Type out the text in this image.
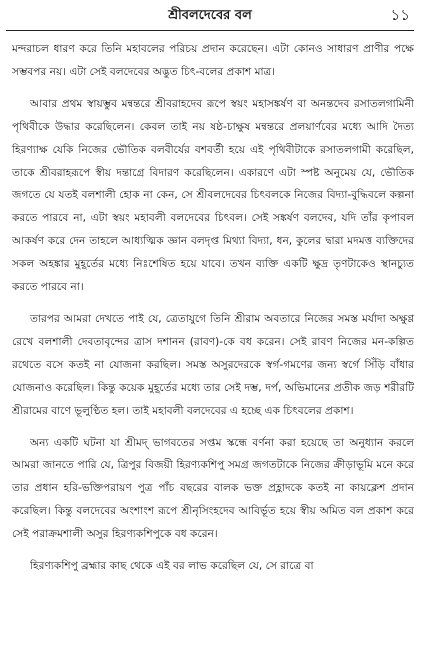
শ্রীবলদেবের বল	১১

মন্দরাচল ধারণ করে তিনি মহাবলের পরিচয় প্রদান করেছেন। এটা কোনও সাধারণ প্রাণীর পক্ষে সম্ভবপর নয়। এটা সেই বলদেবের অদ্ভুত চিৎ-বলের প্রকাশ মাত্র।

আবার প্রথম স্বায়ম্ভুব মন্বন্তরে শ্রীবরাহদেব রূপে স্বয়ং মহাসঙ্কর্ষণ বা অনন্তদেব রসাতলগামিনী পৃথিবীকে উদ্ধার করেছিলেন। কেবল তাই নয় ষষ্ঠ-চাক্ষুষ মন্বন্তরে প্রলয়ার্ণবের মধ্যে আদি দৈত্য হিরণ্যাক্ষ যেকি নিজের ভৌতিক বলবীর্যের বশবর্তী হয়ে এই পৃথিবীটাকে রসাতলগামী করেছিল, তাকে শ্রীবরাহরূপে স্বীয় দন্তাগ্রে বিদারণ করেছিলেন। একারণে এটা স্পষ্ট অনুমেয় যে, ভৌতিক জগতে যে যতই বলশালী হোক না কেন, সে শ্রীবলদেবের চিৎবলকে নিজের বিদ্যা-বুদ্ধিবলে কল্পনা করতে পারবে না, এটা স্বয়ং মহাবলী বলদেবের চিৎবল। সেই সঙ্কর্ষণ বলদেব, যদি তাঁর কৃপাবল আকর্ষণ করে দেন তাহলে আধ্যত্মিক জ্ঞান বলদৃপ্ত মিথ্যা বিদ্যা, ধন, কুলের দ্বারা মদমত্ত ব্যক্তিদের সকল অহঙ্কার মুহূর্তের মধ্যে নিঃশেষিত হয়ে যাবে। তখন ব্যক্তি একটি ক্ষুদ্র তৃণটাকেও স্থানচ্যুত করতে পারবে না।

তারপর আমরা দেখতে পাই যে, ত্রেতাযুগে তিনি শ্রীরাম অবতারে নিজের সমস্ত মর্যাদা অক্ষুণ্ণ রেখে বলশালী দেবতাবৃন্দের ত্রাস দশানন (রাবণ)-কে বধ করেন। সেই রাবণ নিজের মন-কল্পিত রথেতে বসে কতই না যোজনা করছিল। সমস্ত অসুরদেরকে স্বর্গ-গমণের জন্য স্বর্গে সিঁড়ি বাঁধার যোজনাও করেছিল। কিন্তু কয়েক মুহূর্তের মধ্যে তার সেই দম্ভ, দর্প, অভিমানের প্রতীক জড় শরীরটি শ্রীরামের বাণে ভূলুণ্ঠিত হল। তাই মহাবলী বলদেবের এ হচ্ছে এক চিৎবলের প্রকাশ।

অন্য একটি ঘটনা যা শ্রীমদ্ ভাগবতের সপ্তম স্কন্ধে বর্ণনা করা হয়েছে তা অনুধ্যান করলে আমরা জানতে পারি যে, ত্রিপুর বিজয়ী হিরণ্যকশিপু সমগ্র জগতটাকে নিজের ক্রীড়াভূমি মনে করে তার প্রধান হরি-ভক্তিপরায়ণ পুত্র পাঁচ বছরের বালক ভক্ত প্রহ্লাদকে কতই না কায়ক্লেশ প্রদান করেছিল। কিন্তু বলদেবের অংশাংশ রূপে শ্রীনৃসিংহদেব আবির্ভূত হয়ে স্বীয় অমিত বল প্রকাশ করে সেই পরাক্রমশালী অসুর হিরণ্যকশিপুকে বধ করেন।

হিরণ্যকশিপু ব্রহ্মার কাছ থেকে এই বর লাভ করেছিল যে, সে রাত্রে বা
